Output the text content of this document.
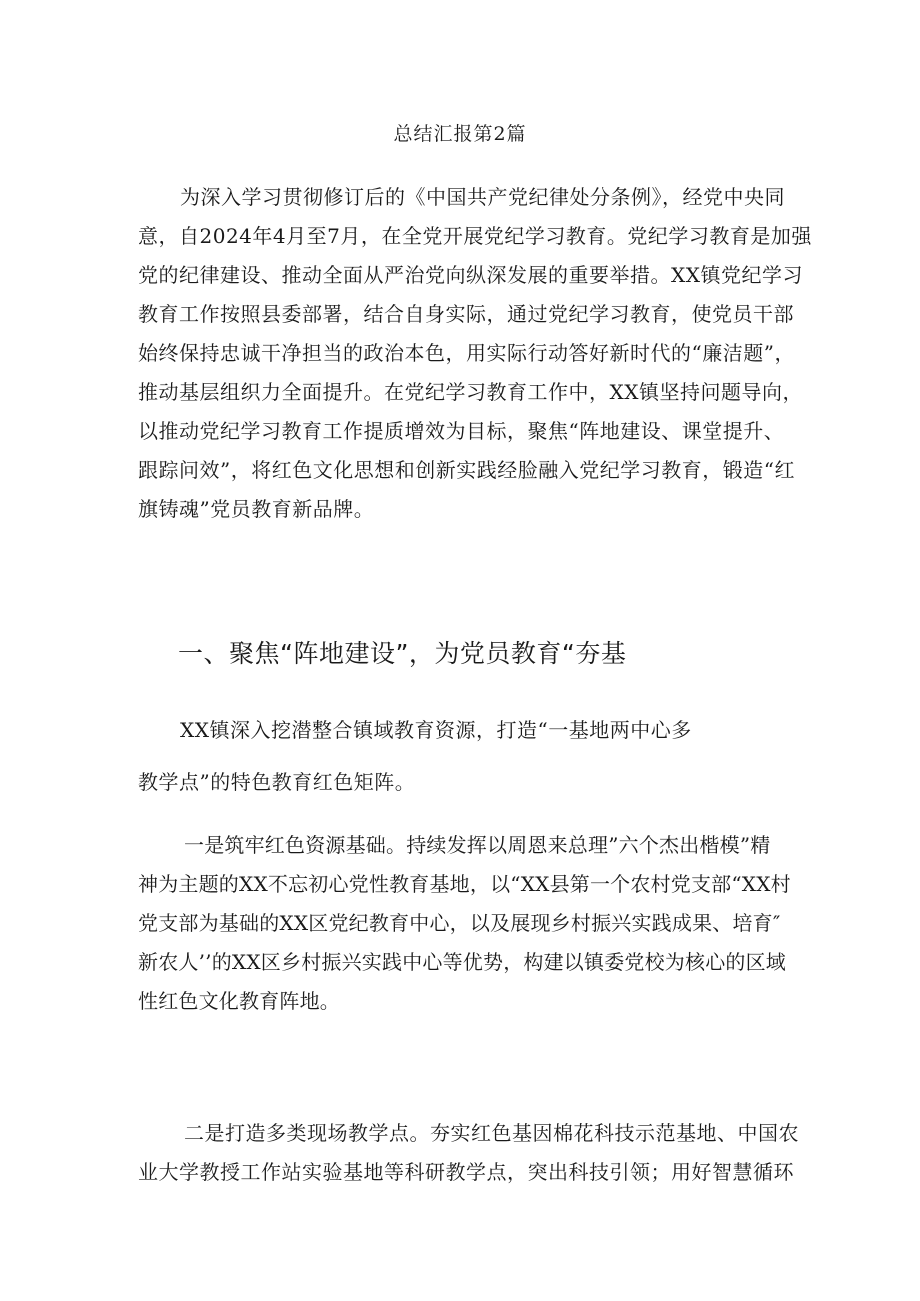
总结汇报第2篇
为深入学习贯彻修订后的《中国共产党纪律处分条例》，经党中央同
意，自2024年4月至7月，在全党开展党纪学习教育。党纪学习教育是加强
党的纪律建设、推动全面从严治党向纵深发展的重要举措。XX镇党纪学习
教育工作按照县委部署，结合自身实际，通过党纪学习教育，使党员干部
始终保持忠诚干净担当的政治本色，用实际行动答好新时代的“廉洁题”，
推动基层组织力全面提升。在党纪学习教育工作中，XX镇坚持问题导向，
以推动党纪学习教育工作提质增效为目标，聚焦“阵地建设、课堂提升、
跟踪问效”，将红色文化思想和创新实践经脸融入党纪学习教育，锻造“红
旗铸魂”党员教育新品牌。
一、聚焦“阵地建设”，为党员教育“夯基
XX镇深入挖潜整合镇域教育资源，打造“一基地两中心多
教学点”的特色教育红色矩阵。
一是筑牢红色资源基础。持续发挥以周恩来总理”六个杰出楷模”精
神为主题的XX不忘初心党性教育基地，以“XX县第一个农村党支部“XX村
党支部为基础的XX区党纪教育中心，以及展现乡村振兴实践成果、培育″
新农人’’的XX区乡村振兴实践中心等优势，构建以镇委党校为核心的区域
性红色文化教育阵地。
二是打造多类现场教学点。夯实红色基因棉花科技示范基地、中国农
业大学教授工作站实验基地等科研教学点，突出科技引领；用好智慧循环
